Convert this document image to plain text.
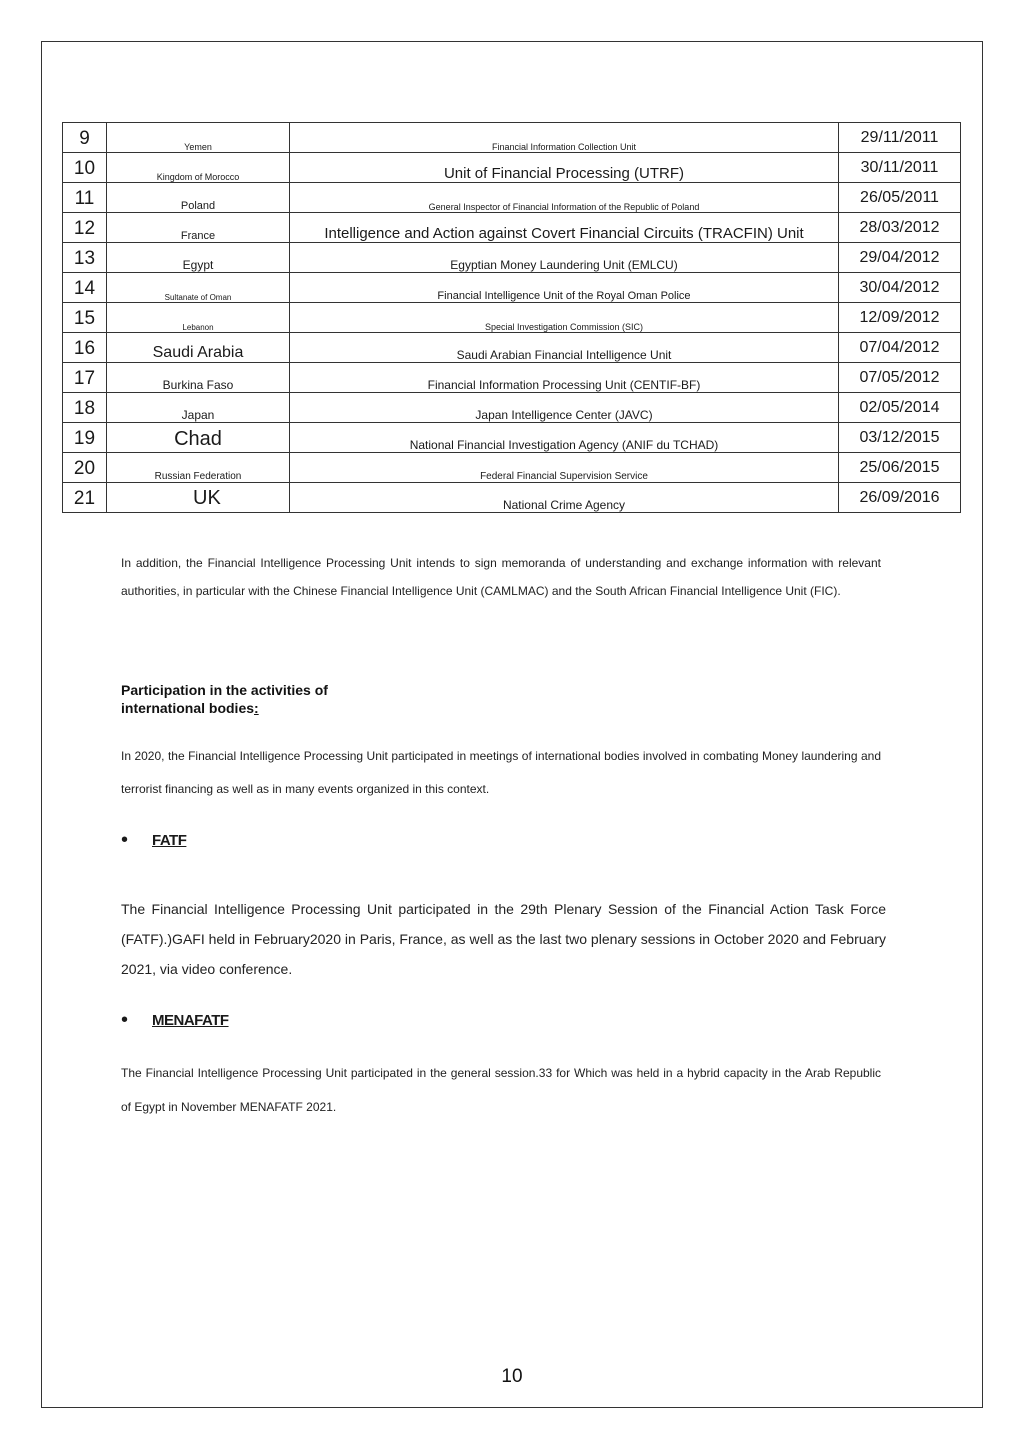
9	Yemen	Financial Information Collection Unit	29/11/2011
10	Kingdom of Morocco	Unit of Financial Processing (UTRF)	30/11/2011
11	Poland	General Inspector of Financial Information of the Republic of Poland	26/05/2011
12	France	Intelligence and Action against Covert Financial Circuits (TRACFIN) Unit	28/03/2012
13	Egypt	Egyptian Money Laundering Unit (EMLCU)	29/04/2012
14	Sultanate of Oman	Financial Intelligence Unit of the Royal Oman Police	30/04/2012
15	Lebanon	Special Investigation Commission (SIC)	12/09/2012
16	Saudi Arabia	Saudi Arabian Financial Intelligence Unit	07/04/2012
17	Burkina Faso	Financial Information Processing Unit (CENTIF-BF)	07/05/2012
18	Japan	Japan Intelligence Center (JAVC)	02/05/2014
19	Chad	National Financial Investigation Agency (ANIF du TCHAD)	03/12/2015
20	Russian Federation	Federal Financial Supervision Service	25/06/2015
21	UK	National Crime Agency	26/09/2016

In addition, the Financial Intelligence Processing Unit intends to sign memoranda of understanding and exchange information with relevant authorities, in particular with the Chinese Financial Intelligence Unit (CAMLMAC) and the South African Financial Intelligence Unit (FIC).

Participation in the activities of
international bodies:

In 2020, the Financial Intelligence Processing Unit participated in meetings of international bodies involved in combating Money laundering and terrorist financing as well as in many events organized in this context.

•	FATF

The Financial Intelligence Processing Unit participated in the 29th Plenary Session of the Financial Action Task Force (FATF).)GAFI held in February2020 in Paris, France, as well as the last two plenary sessions in October 2020 and February 2021, via video conference.

•	MENAFATF

The Financial Intelligence Processing Unit participated in the general session.33 for Which was held in a hybrid capacity in the Arab Republic of Egypt in November MENAFATF 2021.

10
